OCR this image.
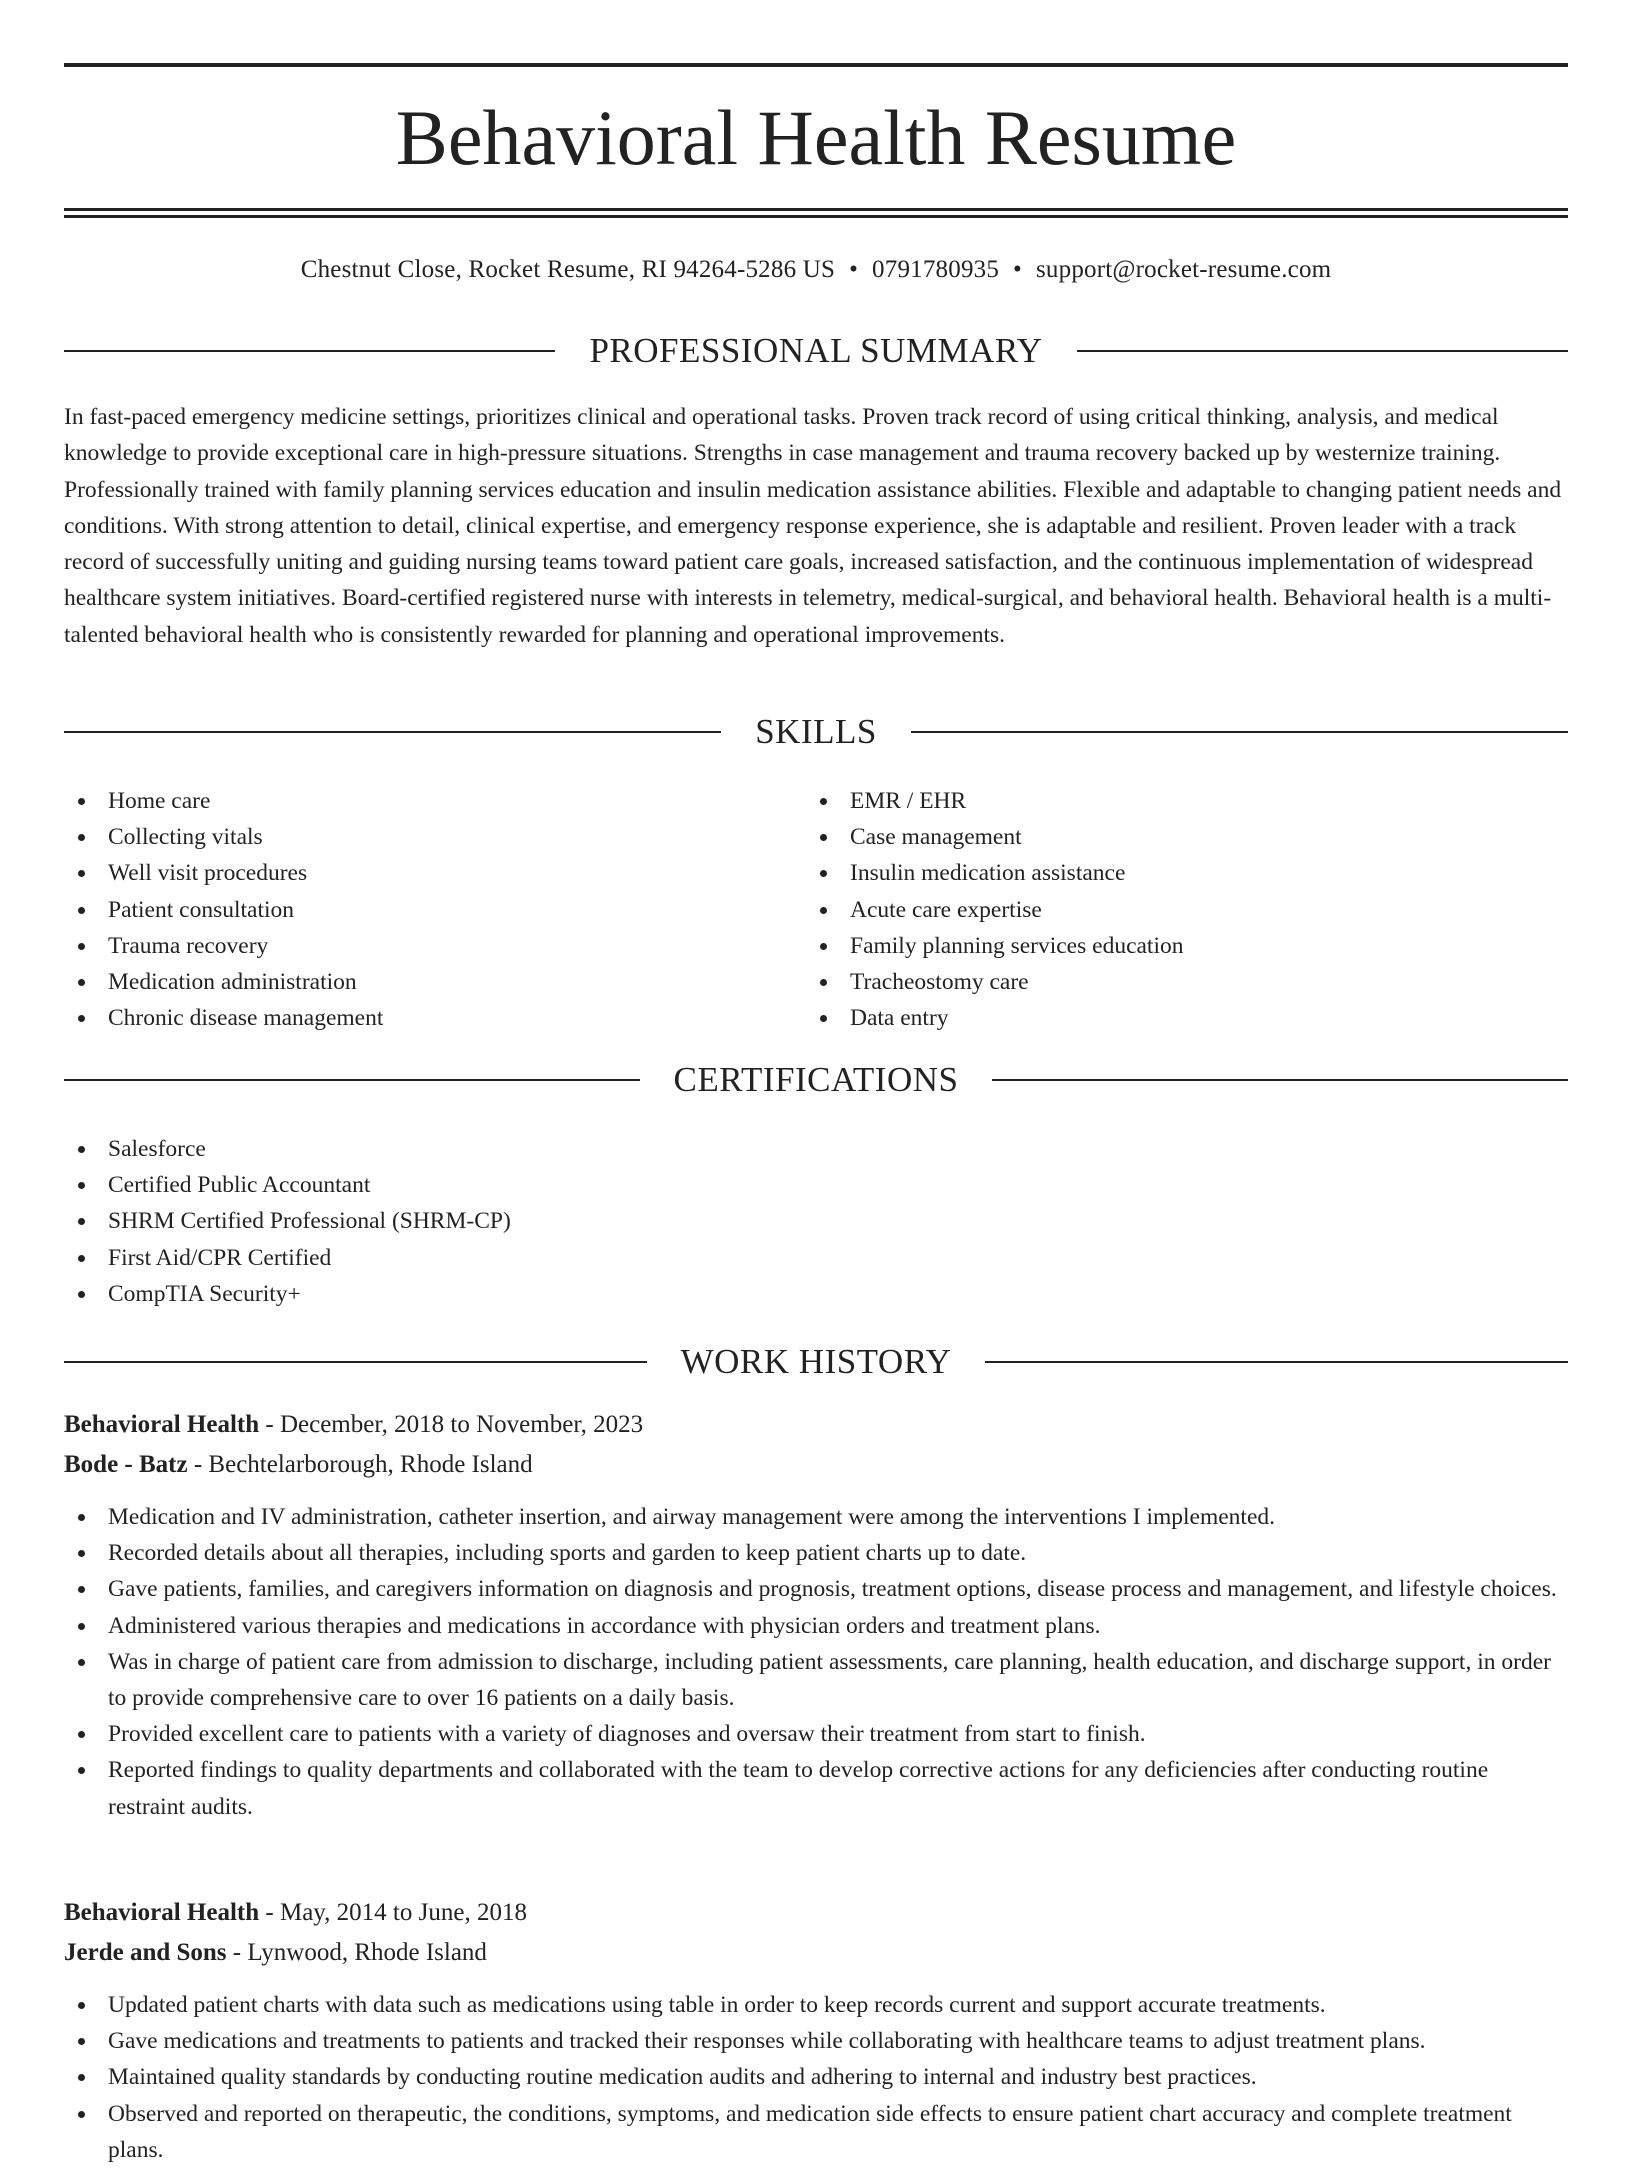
Behavioral Health Resume
Chestnut Close, Rocket Resume, RI 94264-5286 US • 0791780935 • support@rocket-resume.com
PROFESSIONAL SUMMARY

In fast-paced emergency medicine settings, prioritizes clinical and operational tasks. Proven track record of using critical thinking, analysis, and medical knowledge to provide exceptional care in high-pressure situations. Strengths in case management and trauma recovery backed up by westernize training. Professionally trained with family planning services education and insulin medication assistance abilities. Flexible and adaptable to changing patient needs and conditions. With strong attention to detail, clinical expertise, and emergency response experience, she is adaptable and resilient. Proven leader with a track record of successfully uniting and guiding nursing teams toward patient care goals, increased satisfaction, and the continuous implementation of widespread healthcare system initiatives. Board-certified registered nurse with interests in telemetry, medical-surgical, and behavioral health. Behavioral health is a multi-talented behavioral health who is consistently rewarded for planning and operational improvements.

SKILLS
Home care
Collecting vitals
Well visit procedures
Patient consultation
Trauma recovery
Medication administration
Chronic disease management
EMR / EHR
Case management
Insulin medication assistance
Acute care expertise
Family planning services education
Tracheostomy care
Data entry
CERTIFICATIONS
Salesforce
Certified Public Accountant
SHRM Certified Professional (SHRM-CP)
First Aid/CPR Certified
CompTIA Security+
WORK HISTORY
Behavioral Health - December, 2018 to November, 2023
Bode - Batz - Bechtelarborough, Rhode Island
Medication and IV administration, catheter insertion, and airway management were among the interventions I implemented.
Recorded details about all therapies, including sports and garden to keep patient charts up to date.
Gave patients, families, and caregivers information on diagnosis and prognosis, treatment options, disease process and management, and lifestyle choices.
Administered various therapies and medications in accordance with physician orders and treatment plans.
Was in charge of patient care from admission to discharge, including patient assessments, care planning, health education, and discharge support, in order to provide comprehensive care to over 16 patients on a daily basis.
Provided excellent care to patients with a variety of diagnoses and oversaw their treatment from start to finish.
Reported findings to quality departments and collaborated with the team to develop corrective actions for any deficiencies after conducting routine restraint audits.
Behavioral Health - May, 2014 to June, 2018
Jerde and Sons - Lynwood, Rhode Island
Updated patient charts with data such as medications using table in order to keep records current and support accurate treatments.
Gave medications and treatments to patients and tracked their responses while collaborating with healthcare teams to adjust treatment plans.
Maintained quality standards by conducting routine medication audits and adhering to internal and industry best practices.
Observed and reported on therapeutic, the conditions, symptoms, and medication side effects to ensure patient chart accuracy and complete treatment plans.
